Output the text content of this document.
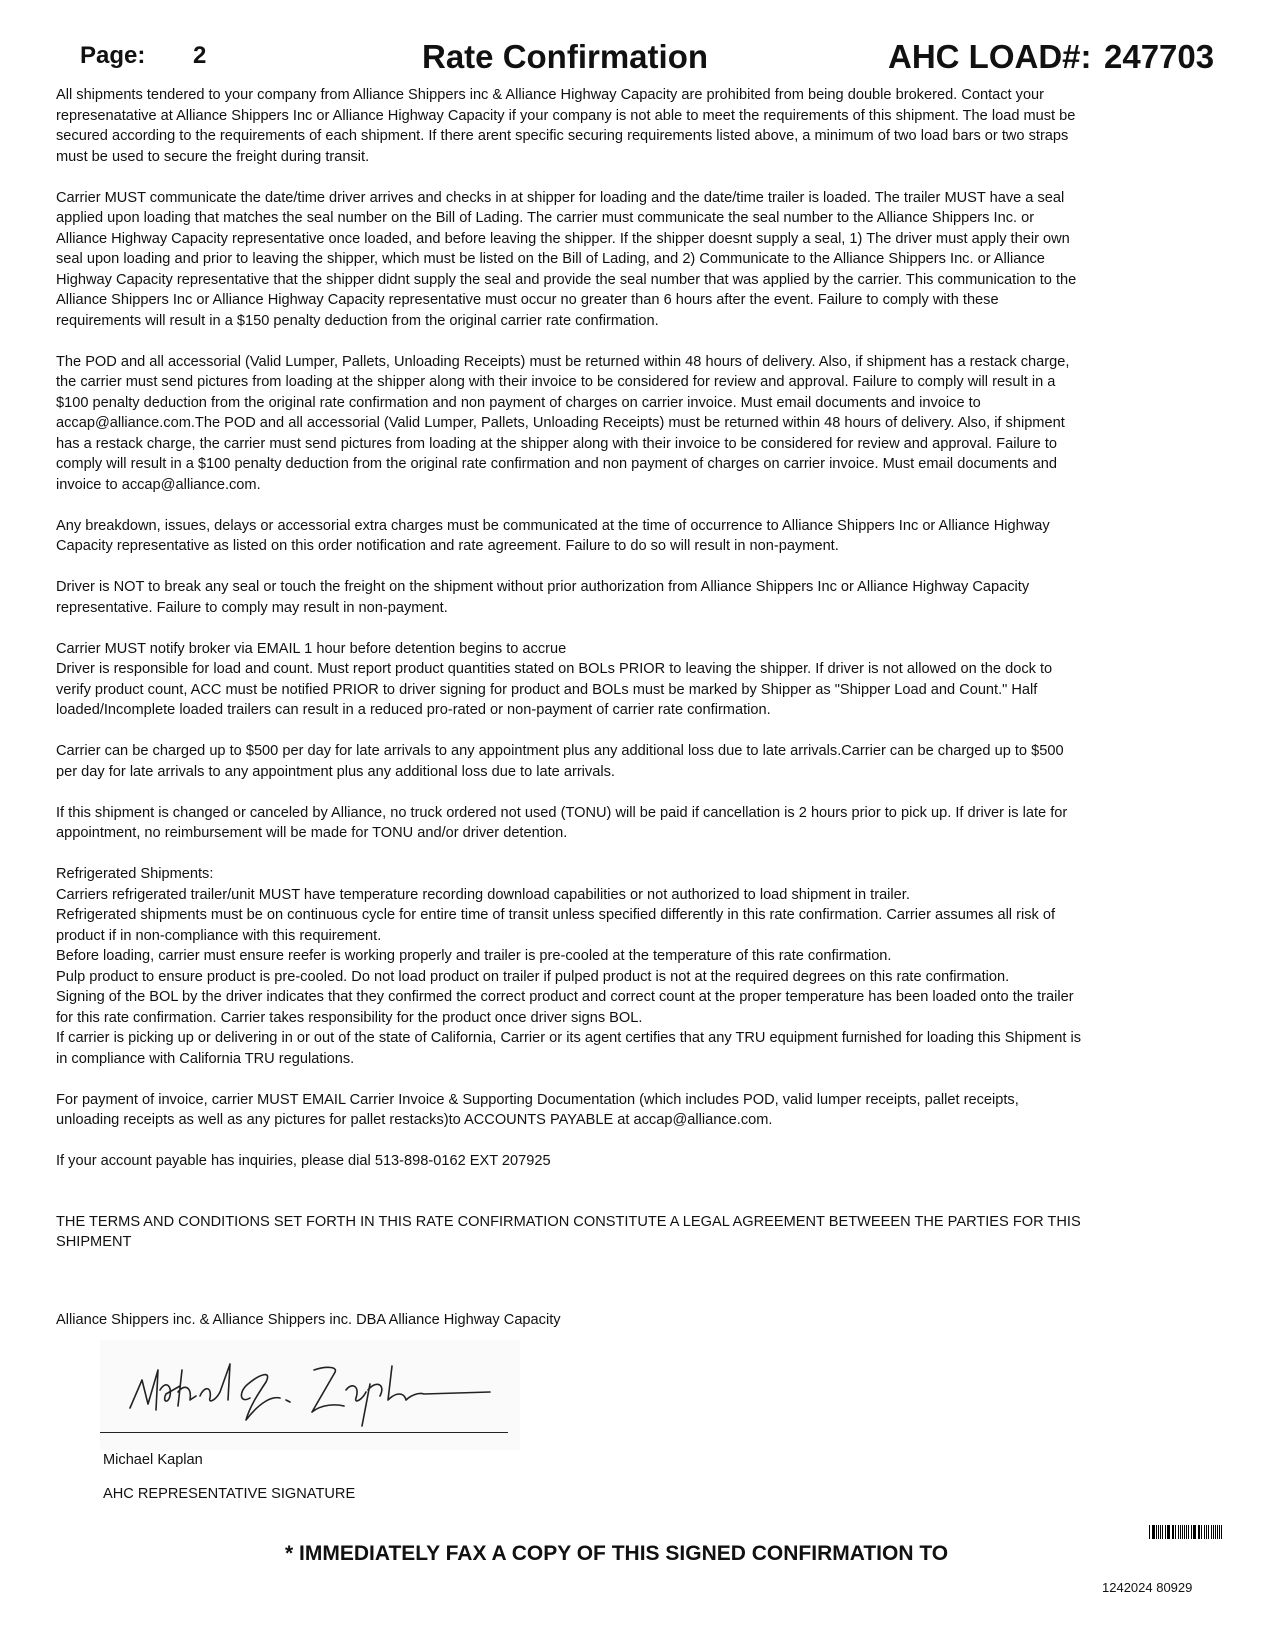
Page: 2	Rate Confirmation	AHC LOAD#: 247703

All shipments tendered to your company from Alliance Shippers inc & Alliance Highway Capacity are prohibited from being double brokered. Contact your represenatative at Alliance Shippers Inc or Alliance Highway Capacity if your company is not able to meet the requirements of this shipment. The load must be secured according to the requirements of each shipment. If there arent specific securing requirements listed above, a minimum of two load bars or two straps must be used to secure the freight during transit.

Carrier MUST communicate the date/time driver arrives and checks in at shipper for loading and the date/time trailer is loaded. The trailer MUST have a seal applied upon loading that matches the seal number on the Bill of Lading. The carrier must communicate the seal number to the Alliance Shippers Inc. or Alliance Highway Capacity representative once loaded, and before leaving the shipper. If the shipper doesnt supply a seal, 1) The driver must apply their own seal upon loading and prior to leaving the shipper, which must be listed on the Bill of Lading, and 2) Communicate to the Alliance Shippers Inc. or Alliance Highway Capacity representative that the shipper didnt supply the seal and provide the seal number that was applied by the carrier. This communication to the Alliance Shippers Inc or Alliance Highway Capacity representative must occur no greater than 6 hours after the event. Failure to comply with these requirements will result in a $150 penalty deduction from the original carrier rate confirmation.

The POD and all accessorial (Valid Lumper, Pallets, Unloading Receipts) must be returned within 48 hours of delivery. Also, if shipment has a restack charge, the carrier must send pictures from loading at the shipper along with their invoice to be considered for review and approval. Failure to comply will result in a $100 penalty deduction from the original rate confirmation and non payment of charges on carrier invoice. Must email documents and invoice to accap@alliance.com.The POD and all accessorial (Valid Lumper, Pallets, Unloading Receipts) must be returned within 48 hours of delivery. Also, if shipment has a restack charge, the carrier must send pictures from loading at the shipper along with their invoice to be considered for review and approval. Failure to comply will result in a $100 penalty deduction from the original rate confirmation and non payment of charges on carrier invoice. Must email documents and invoice to accap@alliance.com.

Any breakdown, issues, delays or accessorial extra charges must be communicated at the time of occurrence to Alliance Shippers Inc or Alliance Highway Capacity representative as listed on this order notification and rate agreement. Failure to do so will result in non-payment.

Driver is NOT to break any seal or touch the freight on the shipment without prior authorization from Alliance Shippers Inc or Alliance Highway Capacity representative. Failure to comply may result in non-payment.

Carrier MUST notify broker via EMAIL 1 hour before detention begins to accrue

Driver is responsible for load and count. Must report product quantities stated on BOLs PRIOR to leaving the shipper. If driver is not allowed on the dock to verify product count, ACC must be notified PRIOR to driver signing for product and BOLs must be marked by Shipper as "Shipper Load and Count." Half loaded/Incomplete loaded trailers can result in a reduced pro-rated or non-payment of carrier rate confirmation.

Carrier can be charged up to $500 per day for late arrivals to any appointment plus any additional loss due to late arrivals.Carrier can be charged up to $500 per day for late arrivals to any appointment plus any additional loss due to late arrivals.

If this shipment is changed or canceled by Alliance, no truck ordered not used (TONU) will be paid if cancellation is 2 hours prior to pick up. If driver is late for appointment, no reimbursement will be made for TONU and/or driver detention.

Refrigerated Shipments:

Carriers refrigerated trailer/unit MUST have temperature recording download capabilities or not authorized to load shipment in trailer.

Refrigerated shipments must be on continuous cycle for entire time of transit unless specified differently in this rate confirmation. Carrier assumes all risk of product if in non-compliance with this requirement.

Before loading, carrier must ensure reefer is working properly and trailer is pre-cooled at the temperature of this rate confirmation.

Pulp product to ensure product is pre-cooled. Do not load product on trailer if pulped product is not at the required degrees on this rate confirmation.

Signing of the BOL by the driver indicates that they confirmed the correct product and correct count at the proper temperature has been loaded onto the trailer for this rate confirmation. Carrier takes responsibility for the product once driver signs BOL.

If carrier is picking up or delivering in or out of the state of California, Carrier or its agent certifies that any TRU equipment furnished for loading this Shipment is in compliance with California TRU regulations.

For payment of invoice, carrier MUST EMAIL Carrier Invoice & Supporting Documentation (which includes POD, valid lumper receipts, pallet receipts, unloading receipts as well as any pictures for pallet restacks)to ACCOUNTS PAYABLE at accap@alliance.com.

If your account payable has inquiries, please dial 513-898-0162 EXT 207925

THE TERMS AND CONDITIONS SET FORTH IN THIS RATE CONFIRMATION CONSTITUTE A LEGAL AGREEMENT BETWEEEN THE PARTIES FOR THIS SHIPMENT

Alliance Shippers inc. & Alliance Shippers inc. DBA Alliance Highway Capacity
Michael Kaplan
AHC REPRESENTATIVE SIGNATURE
* IMMEDIATELY FAX A COPY OF THIS SIGNED CONFIRMATION TO
1242024 80929
